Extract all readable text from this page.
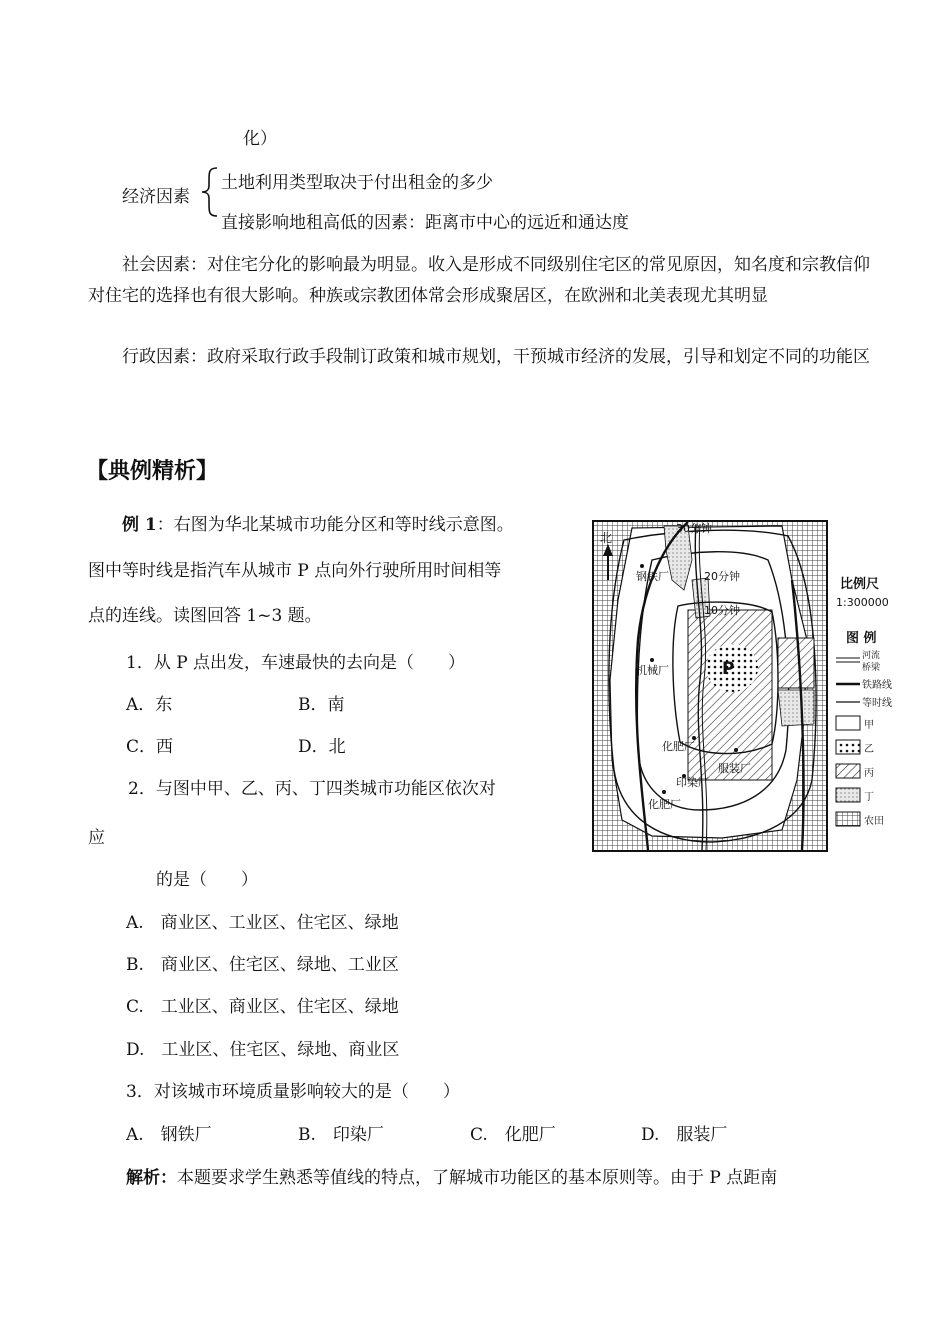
化）
经济因素
土地利用类型取决于付出租金的多少
直接影响地租高低的因素：距离市中心的远近和通达度
社会因素：对住宅分化的影响最为明显。收入是形成不同级别住宅区的常见原因，知名度和宗教信仰对住宅的选择也有很大影响。种族或宗教团体常会形成聚居区，在欧洲和北美表现尤其明显
行政因素：政府采取行政手段制订政策和城市规划，干预城市经济的发展，引导和划定不同的功能区
【典例精析】
例 1：右图为华北某城市功能分区和等时线示意图。
图中等时线是指汽车从城市 P 点向外行驶所用时间相等
点的连线。读图回答 1~3 题。
1．从 P 点出发，车速最快的去向是（　　）
A．东	B．南
C．西	D．北
2．与图中甲、乙、丙、丁四类城市功能区依次对
应
的是（　　）
A.　商业区、工业区、住宅区、绿地
B.　商业区、住宅区、绿地、工业区
C.　工业区、商业区、住宅区、绿地
D.　工业区、住宅区、绿地、商业区
3．对该城市环境质量影响较大的是（　　）
A.　钢铁厂	B.　印染厂	C.　化肥厂	D.　服装厂
解析：本题要求学生熟悉等值线的特点，了解城市功能区的基本原则等。由于 P 点距南
P
北
30分钟
20分钟
10分钟
钢铁厂
机械厂
化肥厂
服装厂
印染厂
化肥厂
比例尺
1:300000
图 例
河流
桥梁
铁路线
等时线
甲
乙
丙
丁
农田
